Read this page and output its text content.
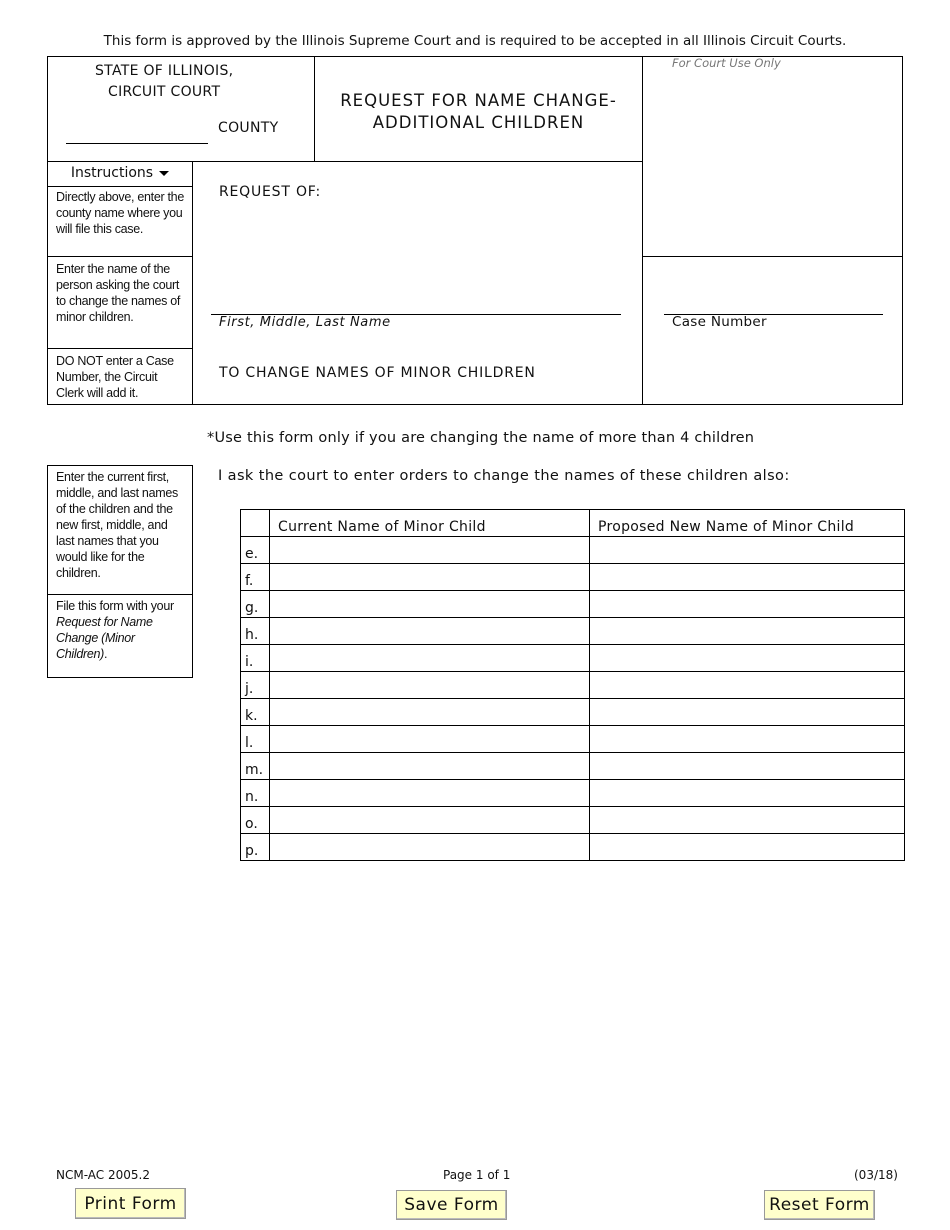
This form is approved by the Illinois Supreme Court and is required to be accepted in all Illinois Circuit Courts.
STATE OF ILLINOIS,
CIRCUIT COURT
COUNTY
REQUEST FOR NAME CHANGE-
ADDITIONAL CHILDREN
For Court Use Only
Case Number
Instructions
Directly above, enter the county name where you will file this case.
Enter the name of the person asking the court to change the names of minor children.
DO NOT enter a Case Number, the Circuit Clerk will add it.
REQUEST OF:
First, Middle, Last Name
TO CHANGE NAMES OF MINOR CHILDREN
*Use this form only if you are changing the name of more than 4 children
I ask the court to enter orders to change the names of these children also:
Enter the current first, middle, and last names of the children and the new first, middle, and last names that you would like for the children.
File this form with your Request for Name Change (Minor Children).
	Current Name of Minor Child	Proposed New Name of Minor Child
e.		
f.		
g.		
h.		
i.		
j.		
k.		
l.		
m.		
n.		
o.		
p.		
NCM-AC 2005.2	Page 1 of 1	(03/18)
Print Form	Save Form	Reset Form
